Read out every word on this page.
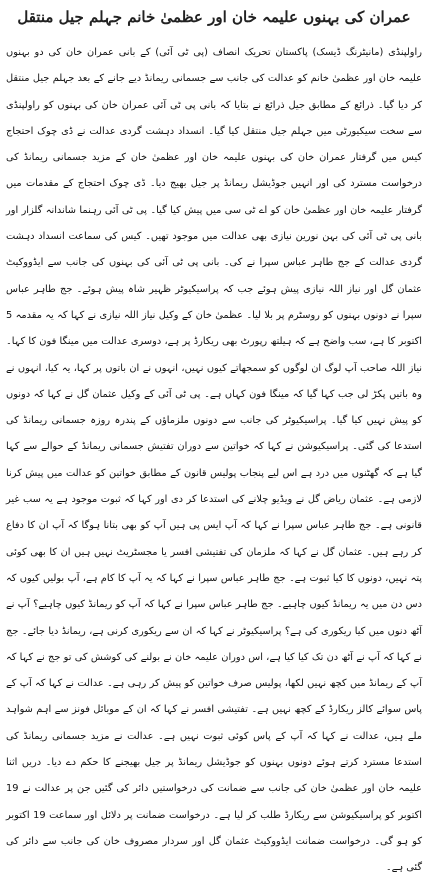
عمران کی بہنوں علیمہ خان اور عظمیٰ خانم جہلم جیل منتقل

راولپنڈی (مانیٹرنگ ڈیسک) پاکستان تحریک انصاف (پی ٹی آئی) کے بانی عمران خان کی دو بہنوں علیمہ خان اور عظمیٰ خانم کو عدالت کی جانب سے جسمانی ریمانڈ دیے جانے کے بعد جہلم جیل منتقل کر دیا گیا۔ ذرائع کے مطابق جیل ذرائع نے بتایا کہ بانی پی ٹی آئی عمران خان کی بہنوں کو راولپنڈی سے سخت سیکیورٹی میں جہلم جیل منتقل کیا گیا۔ انسداد دہشت گردی عدالت نے ڈی چوک احتجاج کیس میں گرفتار عمران خان کی بہنوں علیمہ خان اور عظمیٰ خان کے مزید جسمانی ریمانڈ کی درخواست مسترد کی اور انہیں جوڈیشل ریمانڈ پر جیل بھیج دیا۔ ڈی چوک احتجاج کے مقدمات میں گرفتار علیمہ خان اور عظمیٰ خان کو اے ٹی سی میں پیش کیا گیا۔ پی ٹی آئی رہنما شاندانہ گلزار اور بانی پی ٹی آئی کی بہن نورین نیازی بھی عدالت میں موجود تھیں۔ کیس کی سماعت انسداد دہشت گردی عدالت کے جج طاہر عباس سپرا نے کی۔ بانی پی ٹی آئی کی بہنوں کی جانب سے ایڈووکیٹ عثمان گل اور نیاز اللہ نیازی پیش ہوئے جب کہ پراسیکیوٹر ظہیر شاہ پیش ہوئے۔ جج طاہر عباس سپرا نے دونوں بہنوں کو روسٹرم پر بلا لیا۔ عظمیٰ خان کے وکیل نیاز اللہ نیازی نے کہا کہ یہ مقدمہ 5 اکتوبر کا ہے، سب واضح ہے کہ ہیلتھ رپورٹ بھی ریکارڈ پر ہے، دوسری عدالت میں مینگا فون کا کہا۔ نیاز اللہ صاحب آپ لوگ ان لوگوں کو سمجھاتے کیوں نہیں، انہوں نے ان باتوں پر کہا، یہ کیا، انہوں نے وہ باتیں پکڑ لی جب کہا گیا کہ مینگا فون کہاں ہے۔ پی ٹی آئی کے وکیل عثمان گل نے کہا کہ دونوں کو پیش نہیں کیا گیا۔ پراسیکیوٹر کی جانب سے دونوں ملزماؤں کے پندرہ روزہ جسمانی ریمانڈ کی استدعا کی گئی۔ پراسیکیوشن نے کہا کہ خواتین سے دوران تفتیش جسمانی ریمانڈ کے حوالے سے کہا گیا ہے کہ گھٹنوں میں درد ہے اس لیے پنجاب پولیس قانون کے مطابق خواتین کو عدالت میں پیش کرنا لازمی ہے۔ عثمان ریاض گل نے ویڈیو چلانے کی استدعا کر دی اور کہا کہ ثبوت موجود ہے یہ سب غیر قانونی ہے۔ جج طاہر عباس سپرا نے کہا کہ آپ ایس پی ہیں آپ کو بھی بتانا ہوگا کہ آپ ان کا دفاع کر رہے ہیں۔ عثمان گل نے کہا کہ ملزمان کی تفتیشی افسر یا مجسٹریٹ نہیں ہیں ان کا بھی کوئی پتہ نہیں، دونوں کا کیا ثبوت ہے۔ جج طاہر عباس سپرا نے کہا کہ یہ آپ کا کام ہے، آپ بولیں کیوں کہ دس دن میں یہ ریمانڈ کیوں چاہیے۔ جج طاہر عباس سپرا نے کہا کہ آپ کو ریمانڈ کیوں چاہیے؟ آپ نے آٹھ دنوں میں کیا ریکوری کی ہے؟ پراسیکیوٹر نے کہا کہ ان سے ریکوری کرنی ہے، ریمانڈ دیا جائے۔ جج نے کہا کہ آپ نے آٹھ دن تک کیا کیا ہے، اس دوران علیمہ خان نے بولنے کی کوشش کی تو جج نے کہا کہ آپ کے ریمانڈ میں کچھ نہیں لکھا، پولیس صرف خواتین کو پیش کر رہی ہے۔ عدالت نے کہا کہ آپ کے پاس سوائے کالز ریکارڈ کے کچھ نہیں ہے۔ تفتیشی افسر نے کہا کہ ان کے موبائل فونز سے اہم شواہد ملے ہیں، عدالت نے کہا کہ آپ کے پاس کوئی ثبوت نہیں ہے۔ عدالت نے مزید جسمانی ریمانڈ کی استدعا مسترد کرتے ہوئے دونوں بہنوں کو جوڈیشل ریمانڈ پر جیل بھیجنے کا حکم دے دیا۔ دریں اثنا علیمہ خان اور عظمیٰ خان کی جانب سے ضمانت کی درخواستیں دائر کی گئیں جن پر عدالت نے 19 اکتوبر کو پراسیکیوشن سے ریکارڈ طلب کر لیا ہے۔ درخواست ضمانت پر دلائل اور سماعت 19 اکتوبر کو ہو گی۔ درخواست ضمانت ایڈووکیٹ عثمان گل اور سردار مصروف خان کی جانب سے دائر کی گئی ہے۔
